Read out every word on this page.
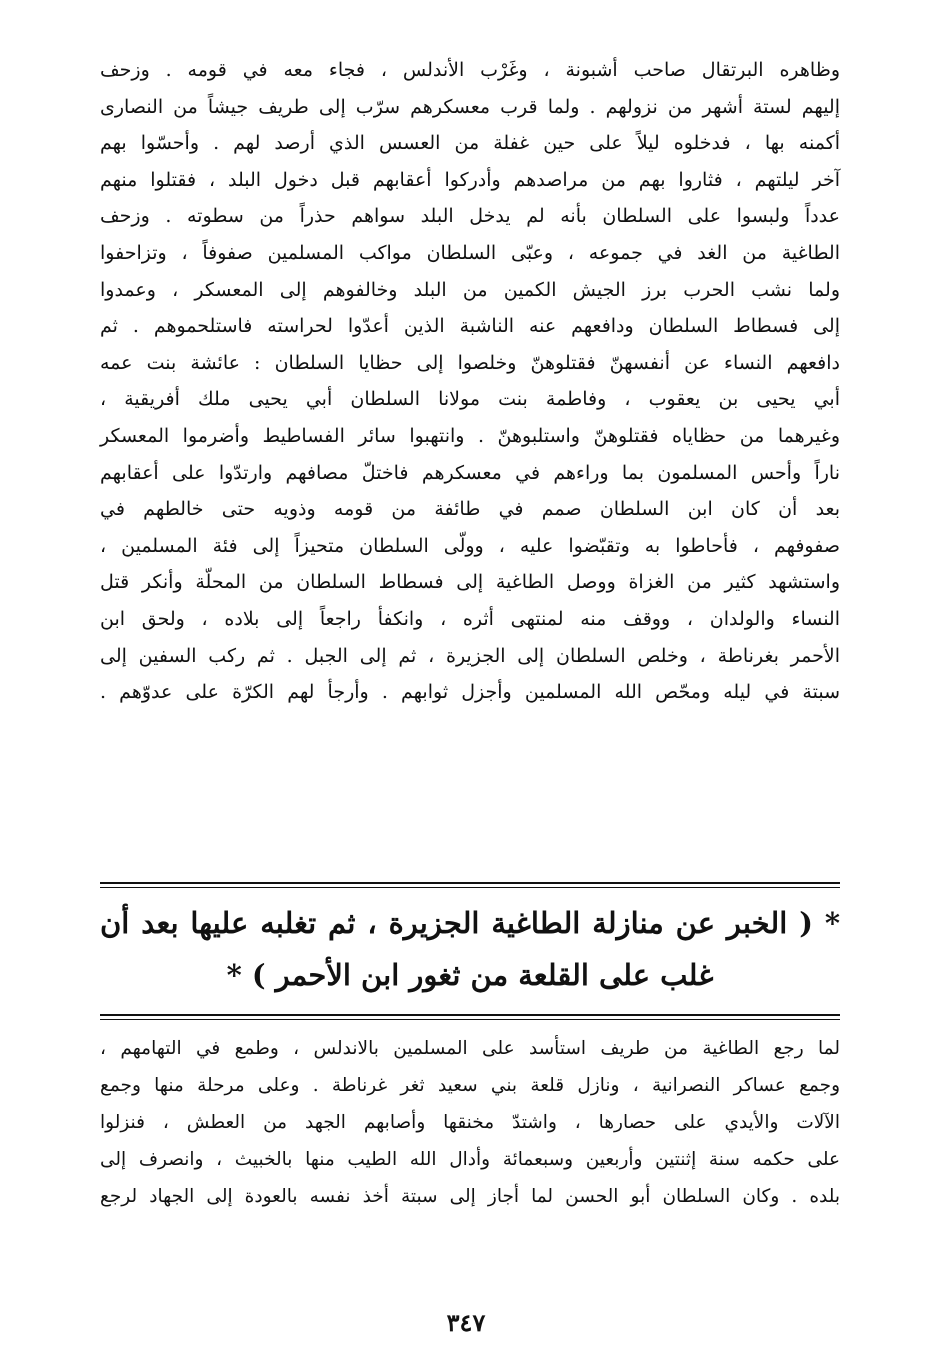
وظاهره البرتقال صاحب أشبونة ، وغَرْب الأندلس ، فجاء معه في قومه . وزحف
إليهم لستة أشهر من نزولهم . ولما قرب معسكرهم سرّب إلى طريف جيشاً من النصارى
أكمنه بها ، فدخلوه ليلاً على حين غفلة من العسس الذي أرصد لهم . وأحسّوا بهم
آخر ليلتهم ، فثاروا بهم من مراصدهم وأدركوا أعقابهم قبل دخول البلد ، فقتلوا منهم
عدداً ولبسوا على السلطان بأنه لم يدخل البلد سواهم حذراً من سطوته . وزحف
الطاغية من الغد في جموعه ، وعبّى السلطان مواكب المسلمين صفوفاً ، وتزاحفوا
ولما نشب الحرب برز الجيش الكمين من البلد وخالفوهم إلى المعسكر ، وعمدوا
إلى فسطاط السلطان ودافعهم عنه الناشبة الذين أعدّوا لحراسته فاستلحموهم . ثم
دافعهم النساء عن أنفسهنّ فقتلوهنّ وخلصوا إلى حظايا السلطان : عائشة بنت عمه
أبي يحيى بن يعقوب ، وفاطمة بنت مولانا السلطان أبي يحيى ملك أفريقية ،
وغيرهما من حظاياه فقتلوهنّ واستلبوهنّ . وانتهبوا سائر الفساطيط وأضرموا المعسكر
ناراً وأحس المسلمون بما وراءهم في معسكرهم فاختلّ مصافهم وارتدّوا على أعقابهم
بعد أن كان ابن السلطان صمم في طائفة من قومه وذويه حتى خالطهم في
صفوفهم ، فأحاطوا به وتقبّضوا عليه ، وولّى السلطان متحيزاً إلى فئة المسلمين ،
واستشهد كثير من الغزاة ووصل الطاغية إلى فسطاط السلطان من المحلّة وأنكر قتل
النساء والولدان ، ووقف منه لمنتهى أثره ، وانكفأ راجعاً إلى بلاده ، ولحق ابن
الأحمر بغرناطة ، وخلص السلطان إلى الجزيرة ، ثم إلى الجبل . ثم ركب السفين إلى
سبتة في ليله ومحّص الله المسلمين وأجزل ثوابهم . وأرجأ لهم الكرّة على عدوّهم .
* ( الخبر عن منازلة الطاغية الجزيرة ، ثم تغلبه عليها بعد أن
غلب على القلعة من ثغور ابن الأحمر ) *
لما رجع الطاغية من طريف استأسد على المسلمين بالاندلس ، وطمع في التهامهم ،
وجمع عساكر النصرانية ، ونازل قلعة بني سعيد ثغر غرناطة . وعلى مرحلة منها وجمع
الآلات والأيدي على حصارها ، واشتدّ مخنقها وأصابهم الجهد من العطش ، فنزلوا
على حكمه سنة إثنتين وأربعين وسبعمائة وأدال الله الطيب منها بالخبيث ، وانصرف إلى
بلده . وكان السلطان أبو الحسن لما أجاز إلى سبتة أخذ نفسه بالعودة إلى الجهاد لرجع
٣٤٧
